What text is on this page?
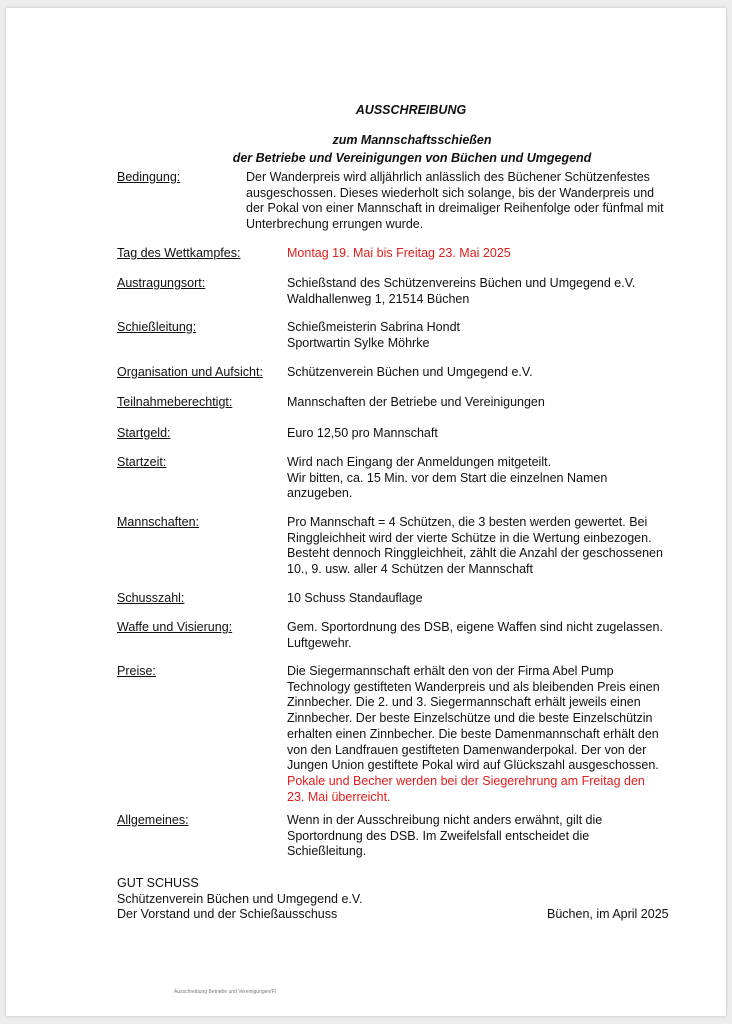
AUSSCHREIBUNG
zum Mannschaftsschießen
der Betriebe und Vereinigungen von Büchen und Umgegend
Bedingung:	Der Wanderpreis wird alljährlich anlässlich des Büchener Schützenfestes
ausgeschossen. Dieses wiederholt sich solange, bis der Wanderpreis und
der Pokal von einer Mannschaft in dreimaliger Reihenfolge oder fünfmal mit
Unterbrechung errungen wurde.
Tag des Wettkampfes:	Montag 19. Mai bis Freitag 23. Mai 2025
Austragungsort:	Schießstand des Schützenvereins Büchen und Umgegend e.V.
Waldhallenweg 1, 21514 Büchen
Schießleitung:	Schießmeisterin Sabrina Hondt
Sportwartin Sylke Möhrke
Organisation und Aufsicht:	Schützenverein Büchen und Umgegend e.V.
Teilnahmeberechtigt:	Mannschaften der Betriebe und Vereinigungen
Startgeld:	Euro 12,50 pro Mannschaft
Startzeit:	Wird nach Eingang der Anmeldungen mitgeteilt.
Wir bitten, ca. 15 Min. vor dem Start die einzelnen Namen
anzugeben.
Mannschaften:	Pro Mannschaft = 4 Schützen, die 3 besten werden gewertet. Bei
Ringgleichheit wird der vierte Schütze in die Wertung einbezogen.
Besteht dennoch Ringgleichheit, zählt die Anzahl der geschossenen
10., 9. usw. aller 4 Schützen der Mannschaft
Schusszahl:	10 Schuss Standauflage
Waffe und Visierung:	Gem. Sportordnung des DSB, eigene Waffen sind nicht zugelassen.
Luftgewehr.
Preise:	Die Siegermannschaft erhält den von der Firma Abel Pump
Technology gestifteten Wanderpreis und als bleibenden Preis einen
Zinnbecher. Die 2. und 3. Siegermannschaft erhält jeweils einen
Zinnbecher. Der beste Einzelschütze und die beste Einzelschützin
erhalten einen Zinnbecher. Die beste Damenmannschaft erhält den
von den Landfrauen gestifteten Damenwanderpokal. Der von der
Jungen Union gestiftete Pokal wird auf Glückszahl ausgeschossen.
Pokale und Becher werden bei der Siegerehrung am Freitag den
23. Mai überreicht.
Allgemeines:	Wenn in der Ausschreibung nicht anders erwähnt, gilt die
Sportordnung des DSB. Im Zweifelsfall entscheidet die
Schießleitung.
GUT SCHUSS
Schützenverein Büchen und Umgegend e.V.
Der Vorstand und der Schießausschuss	Büchen, im April 2025
Ausschreibung Betriebe und Vereinigungen/Fl
